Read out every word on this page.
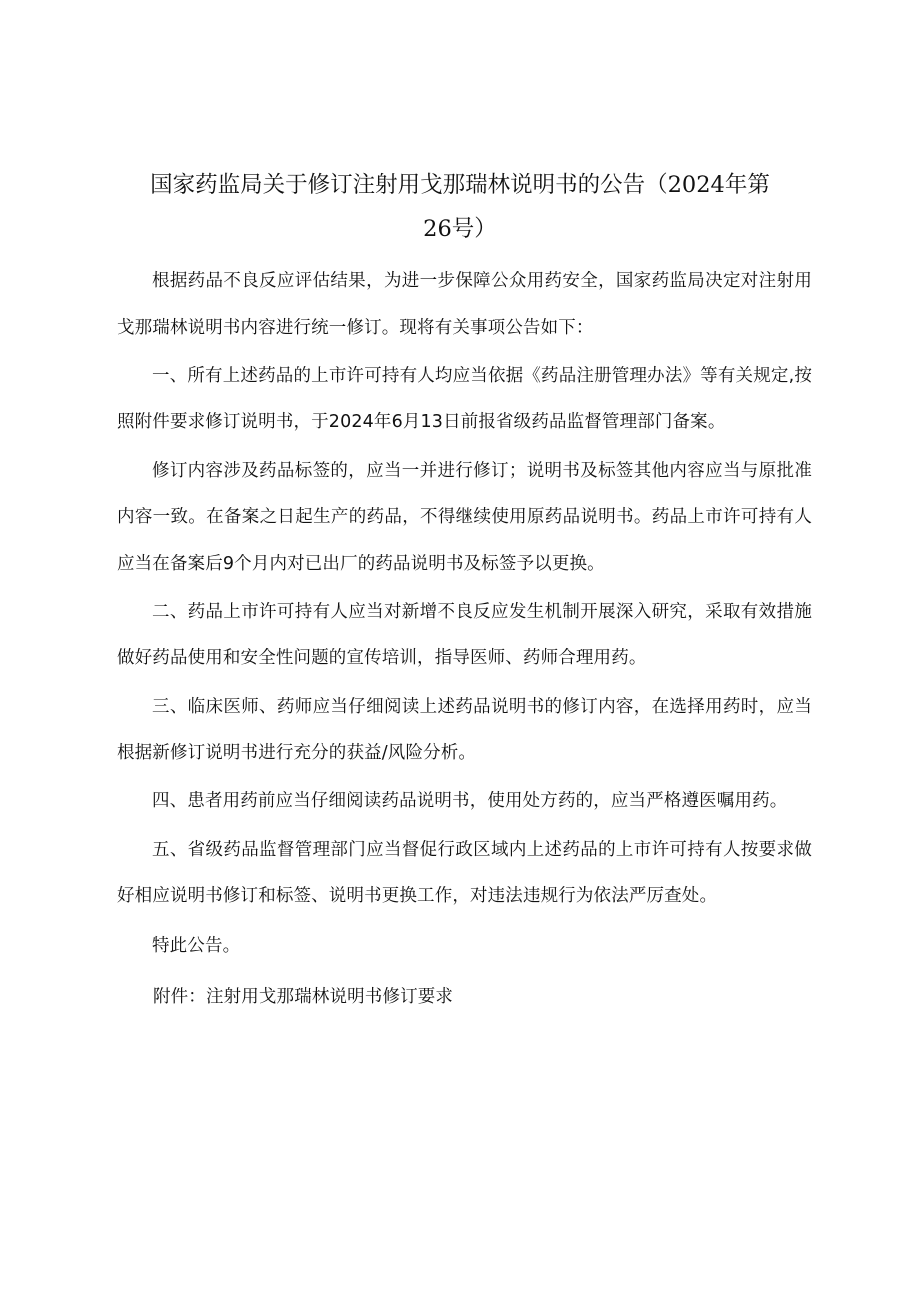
国家药监局关于修订注射用戈那瑞林说明书的公告（2024年第
26号）

根据药品不良反应评估结果，为进一步保障公众用药安全，国家药监局决定对注射用戈那瑞林说明书内容进行统一修订。现将有关事项公告如下：

一、所有上述药品的上市许可持有人均应当依据《药品注册管理办法》等有关规定,按照附件要求修订说明书，于2024年6月13日前报省级药品监督管理部门备案。

修订内容涉及药品标签的，应当一并进行修订；说明书及标签其他内容应当与原批准内容一致。在备案之日起生产的药品，不得继续使用原药品说明书。药品上市许可持有人应当在备案后9个月内对已出厂的药品说明书及标签予以更换。

二、药品上市许可持有人应当对新增不良反应发生机制开展深入研究，采取有效措施做好药品使用和安全性问题的宣传培训，指导医师、药师合理用药。

三、临床医师、药师应当仔细阅读上述药品说明书的修订内容，在选择用药时，应当根据新修订说明书进行充分的获益/风险分析。

四、患者用药前应当仔细阅读药品说明书，使用处方药的，应当严格遵医嘱用药。

五、省级药品监督管理部门应当督促行政区域内上述药品的上市许可持有人按要求做好相应说明书修订和标签、说明书更换工作，对违法违规行为依法严厉查处。

特此公告。

附件：注射用戈那瑞林说明书修订要求
